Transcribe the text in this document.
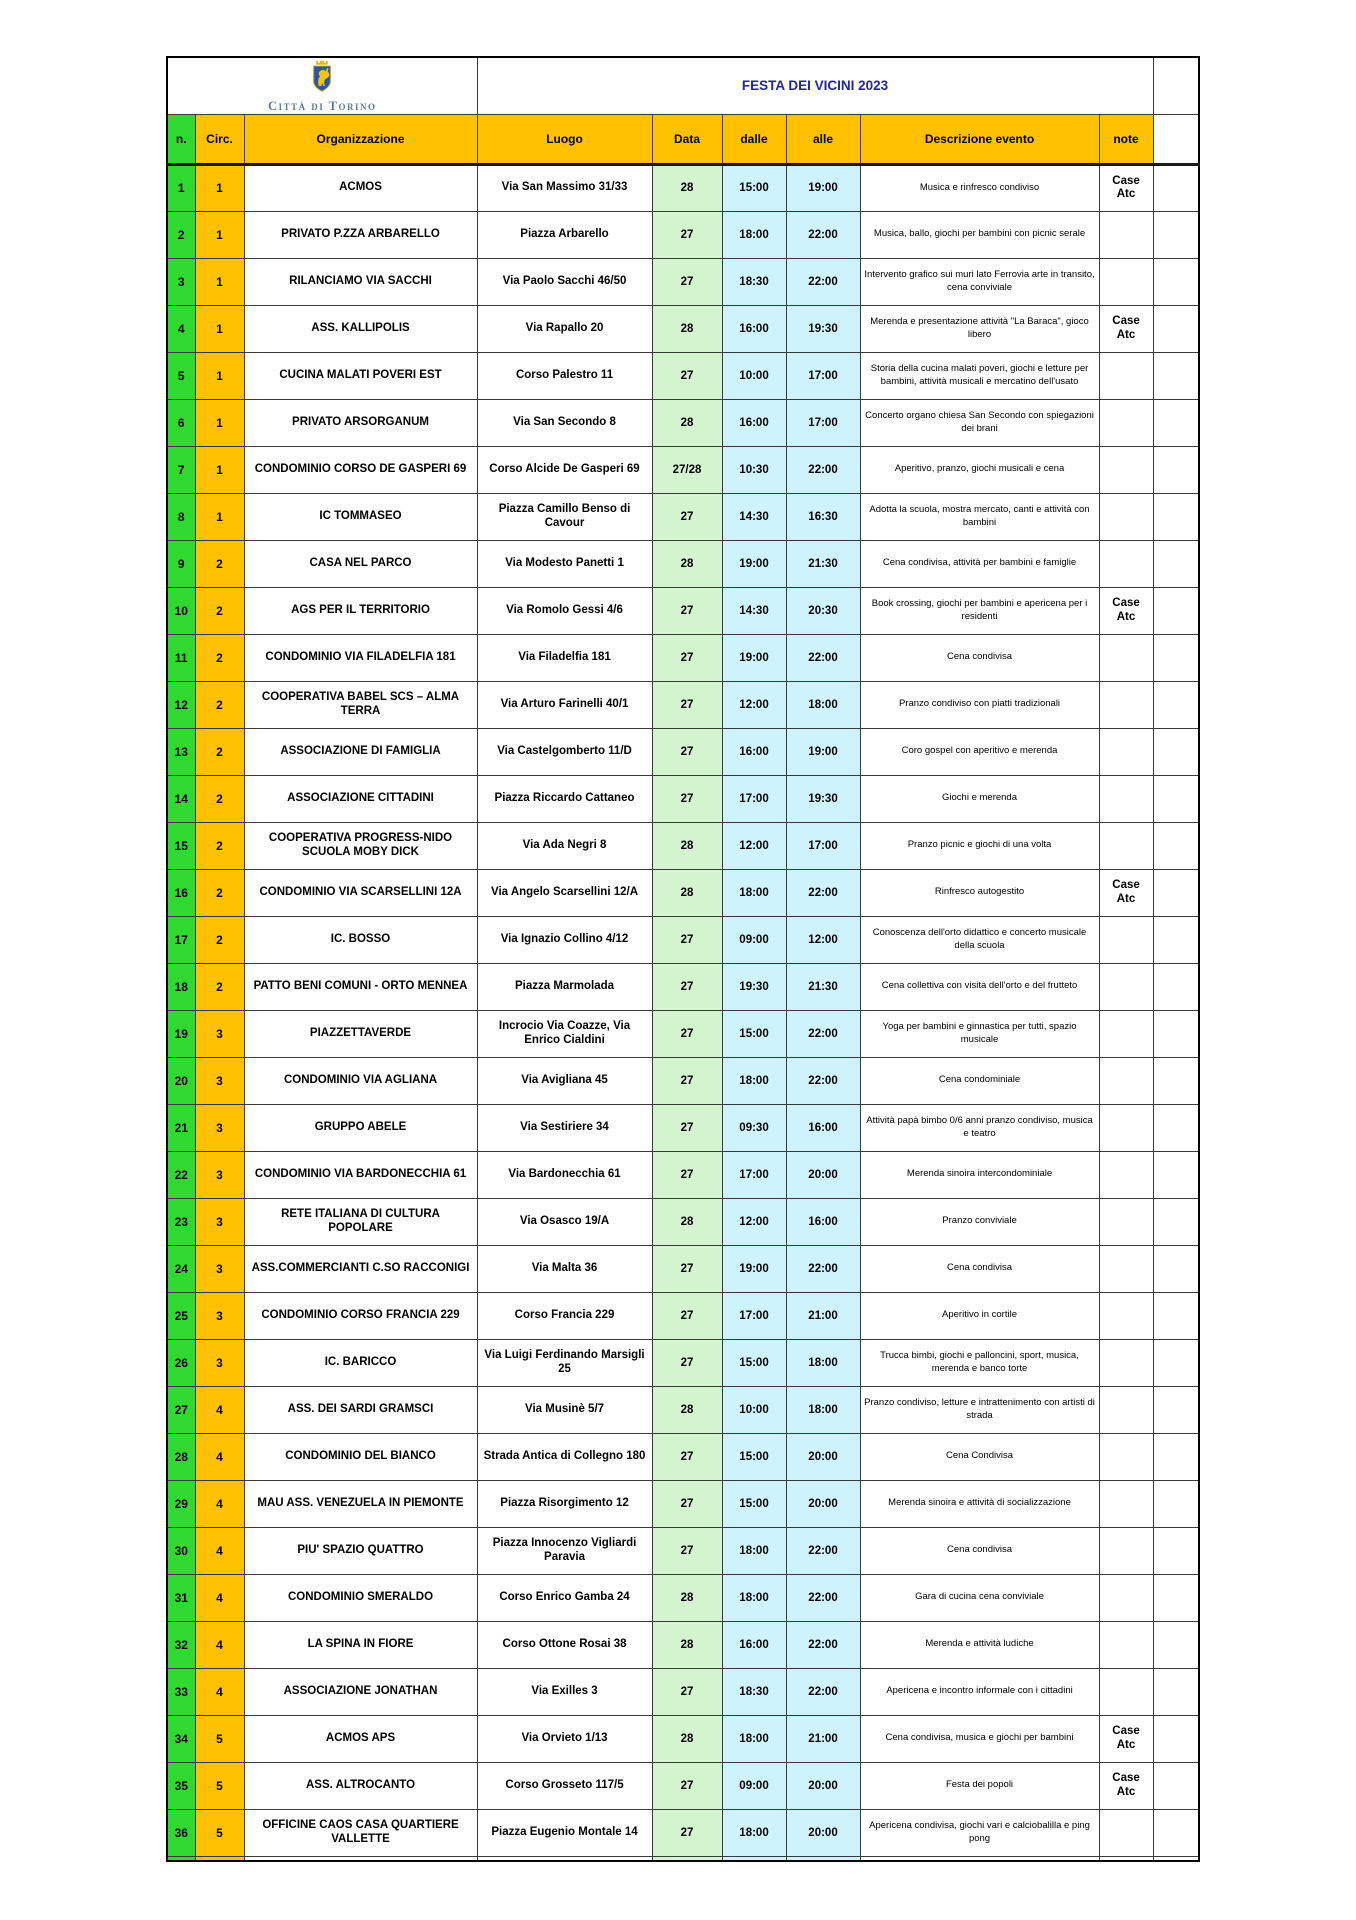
Città di Torino			FESTA DEI VICINI 2023						
n.	Circ.	Organizzazione	Luogo	Data	dalle	alle	Descrizione evento	note	
1	1	ACMOS	Via San Massimo 31/33	28	15:00	19:00	Musica e rinfresco condiviso	Case Atc	
2	1	PRIVATO P.ZZA ARBARELLO	Piazza Arbarello	27	18:00	22:00	Musica, ballo, giochi per bambini con picnic serale		
3	1	RILANCIAMO VIA SACCHI	Via Paolo Sacchi 46/50	27	18:30	22:00	Intervento grafico sui muri lato Ferrovia arte in transito, cena conviviale		
4	1	ASS. KALLIPOLIS	Via Rapallo 20	28	16:00	19:30	Merenda e presentazione attività "La Baraca", gioco libero	Case Atc	
5	1	CUCINA MALATI POVERI EST	Corso Palestro 11	27	10:00	17:00	Storia della cucina malati poveri, giochi e letture per bambini, attività musicali e mercatino dell'usato		
6	1	PRIVATO ARSORGANUM	Via San Secondo 8	28	16:00	17:00	Concerto organo chiesa San Secondo con spiegazioni dei brani		
7	1	CONDOMINIO CORSO DE GASPERI 69	Corso Alcide De Gasperi 69	27/28	10:30	22:00	Aperitivo, pranzo, giochi musicali e cena		
8	1	IC TOMMASEO	Piazza Camillo Benso di Cavour	27	14:30	16:30	Adotta la scuola, mostra mercato, canti e attività con bambini		
9	2	CASA NEL PARCO	Via Modesto Panetti 1	28	19:00	21:30	Cena condivisa, attività per bambini e famiglie		
10	2	AGS PER IL TERRITORIO	Via Romolo Gessi 4/6	27	14:30	20:30	Book crossing, giochi per bambini e apericena per i residenti	Case Atc	
11	2	CONDOMINIO VIA FILADELFIA 181	Via Filadelfia 181	27	19:00	22:00	Cena condivisa		
12	2	COOPERATIVA BABEL SCS – ALMA TERRA	Via Arturo Farinelli 40/1	27	12:00	18:00	Pranzo condiviso con piatti tradizionali		
13	2	ASSOCIAZIONE DI FAMIGLIA	Via Castelgomberto 11/D	27	16:00	19:00	Coro gospel con aperitivo e merenda		
14	2	ASSOCIAZIONE CITTADINI	Piazza Riccardo Cattaneo	27	17:00	19:30	Giochi e merenda		
15	2	COOPERATIVA PROGRESS-NIDO SCUOLA MOBY DICK	Via Ada Negri 8	28	12:00	17:00	Pranzo picnic e giochi di una volta		
16	2	CONDOMINIO VIA SCARSELLINI 12A	Via Angelo Scarsellini 12/A	28	18:00	22:00	Rinfresco autogestito	Case Atc	
17	2	IC. BOSSO	Via Ignazio Collino 4/12	27	09:00	12:00	Conoscenza dell'orto didattico e concerto musicale della scuola		
18	2	PATTO BENI COMUNI - ORTO MENNEA	Piazza Marmolada	27	19:30	21:30	Cena collettiva con visita dell'orto e del frutteto		
19	3	PIAZZETTAVERDE	Incrocio Via Coazze, Via Enrico Cialdini	27	15:00	22:00	Yoga per bambini e ginnastica per tutti, spazio musicale		
20	3	CONDOMINIO VIA AGLIANA	Via Avigliana 45	27	18:00	22:00	Cena condominiale		
21	3	GRUPPO ABELE	Via Sestiriere 34	27	09:30	16:00	Attività papà bimbo 0/6 anni pranzo condiviso, musica e teatro		
22	3	CONDOMINIO VIA BARDONECCHIA 61	Via Bardonecchia 61	27	17:00	20:00	Merenda sinoira intercondominiale		
23	3	RETE ITALIANA DI CULTURA POPOLARE	Via Osasco 19/A	28	12:00	16:00	Pranzo conviviale		
24	3	ASS.COMMERCIANTI C.SO RACCONIGI	Via Malta 36	27	19:00	22:00	Cena condivisa		
25	3	CONDOMINIO CORSO FRANCIA 229	Corso Francia 229	27	17:00	21:00	Aperitivo in cortile		
26	3	IC. BARICCO	Via Luigi Ferdinando Marsigli 25	27	15:00	18:00	Trucca bimbi, giochi e palloncini, sport, musica, merenda e banco torte		
27	4	ASS. DEI SARDI GRAMSCI	Via Musinè 5/7	28	10:00	18:00	Pranzo condiviso, letture e intrattenimento con artisti di strada		
28	4	CONDOMINIO DEL BIANCO	Strada Antica di Collegno 180	27	15:00	20:00	Cena Condivisa		
29	4	MAU ASS. VENEZUELA IN PIEMONTE	Piazza Risorgimento 12	27	15:00	20:00	Merenda sinoira e attività di socializzazione		
30	4	PIU' SPAZIO QUATTRO	Piazza Innocenzo Vigliardi Paravia	27	18:00	22:00	Cena condivisa		
31	4	CONDOMINIO SMERALDO	Corso Enrico Gamba 24	28	18:00	22:00	Gara di cucina cena conviviale		
32	4	LA SPINA IN FIORE	Corso Ottone Rosai 38	28	16:00	22:00	Merenda e attività ludiche		
33	4	ASSOCIAZIONE JONATHAN	Via Exilles 3	27	18:30	22:00	Apericena e incontro informale con i cittadini		
34	5	ACMOS APS	Via Orvieto 1/13	28	18:00	21:00	Cena condivisa, musica e giochi per bambini	Case Atc	
35	5	ASS. ALTROCANTO	Corso Grosseto 117/5	27	09:00	20:00	Festa dei popoli	Case Atc	
36	5	OFFICINE CAOS CASA QUARTIERE VALLETTE	Piazza Eugenio Montale 14	27	18:00	20:00	Apericena condivisa, giochi vari e calciobalilla e ping pong		
